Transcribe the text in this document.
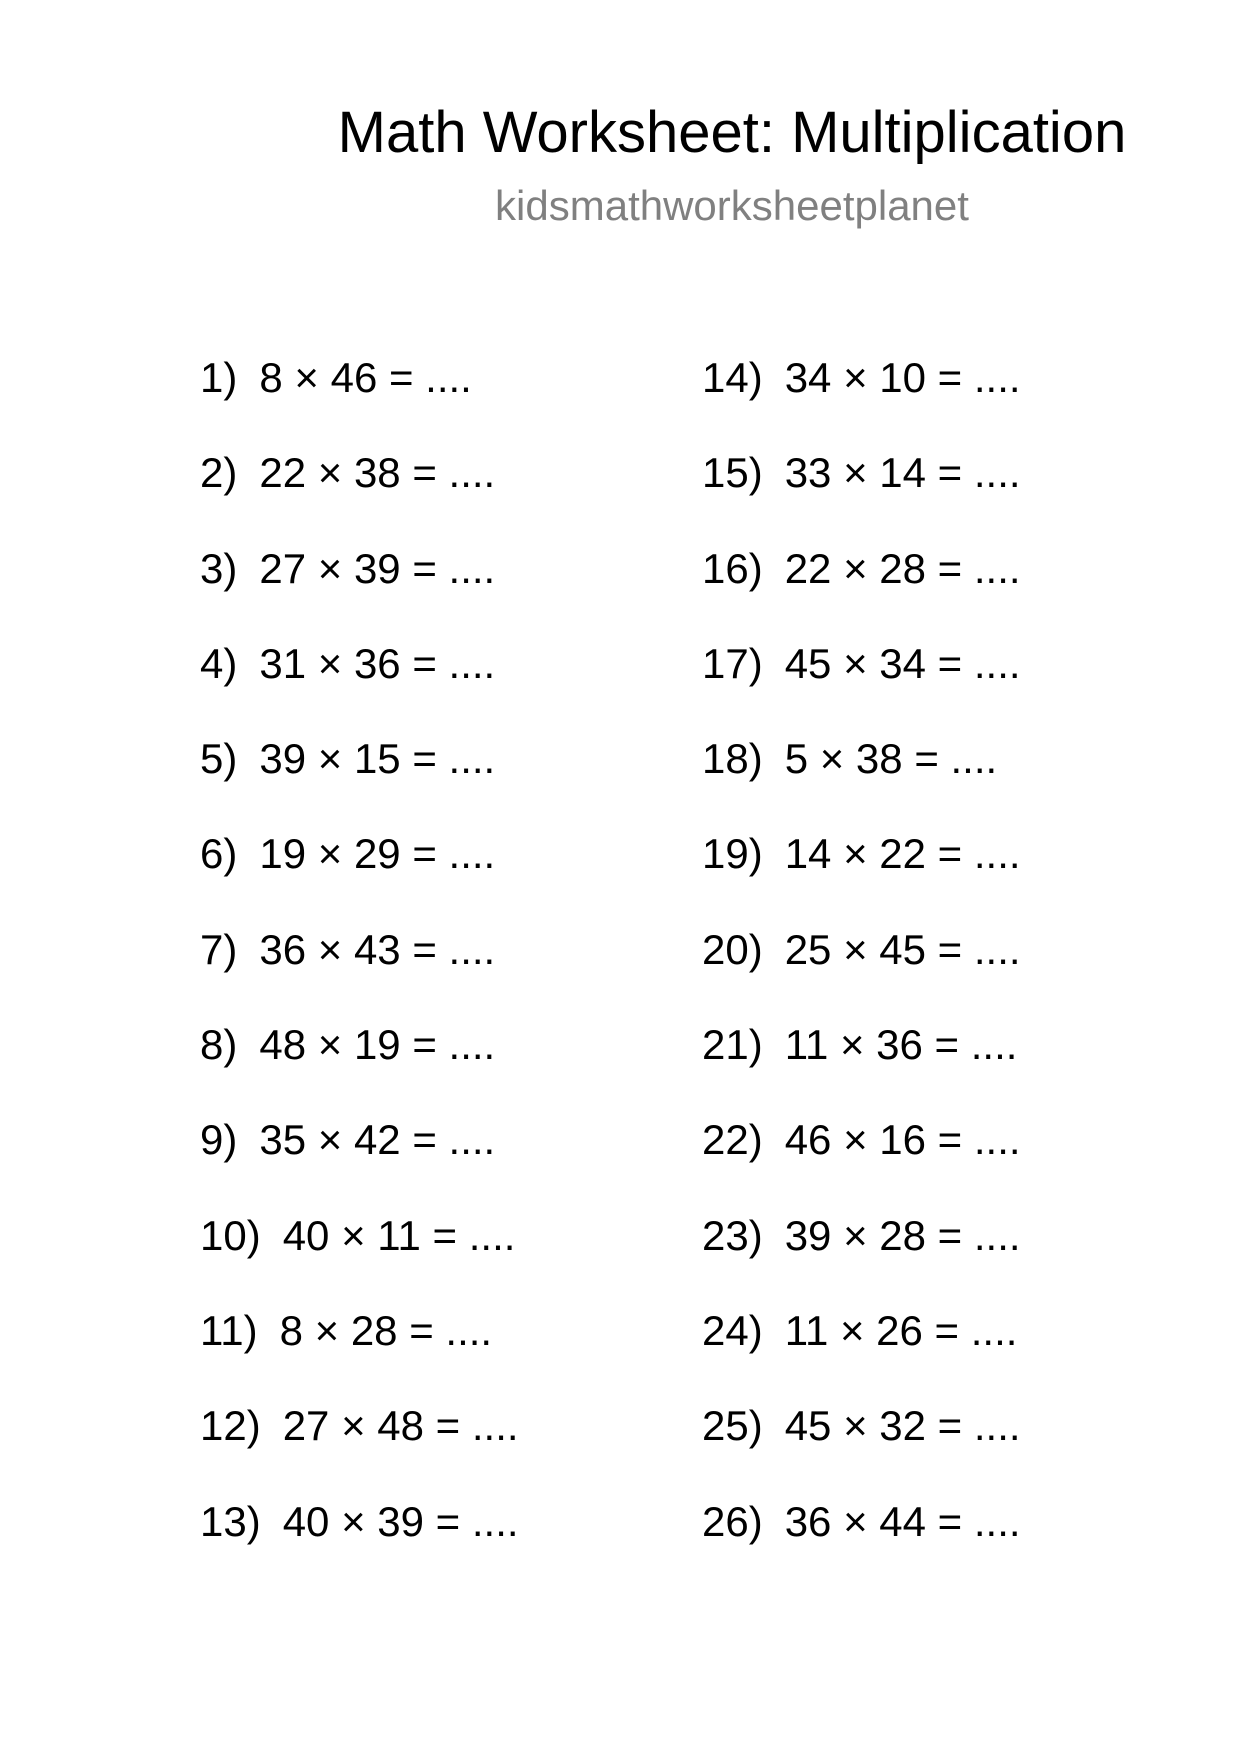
Math Worksheet: Multiplication
kidsmathworksheetplanet
1) 8 × 46 = ....
2) 22 × 38 = ....
3) 27 × 39 = ....
4) 31 × 36 = ....
5) 39 × 15 = ....
6) 19 × 29 = ....
7) 36 × 43 = ....
8) 48 × 19 = ....
9) 35 × 42 = ....
10) 40 × 11 = ....
11) 8 × 28 = ....
12) 27 × 48 = ....
13) 40 × 39 = ....
14) 34 × 10 = ....
15) 33 × 14 = ....
16) 22 × 28 = ....
17) 45 × 34 = ....
18) 5 × 38 = ....
19) 14 × 22 = ....
20) 25 × 45 = ....
21) 11 × 36 = ....
22) 46 × 16 = ....
23) 39 × 28 = ....
24) 11 × 26 = ....
25) 45 × 32 = ....
26) 36 × 44 = ....
